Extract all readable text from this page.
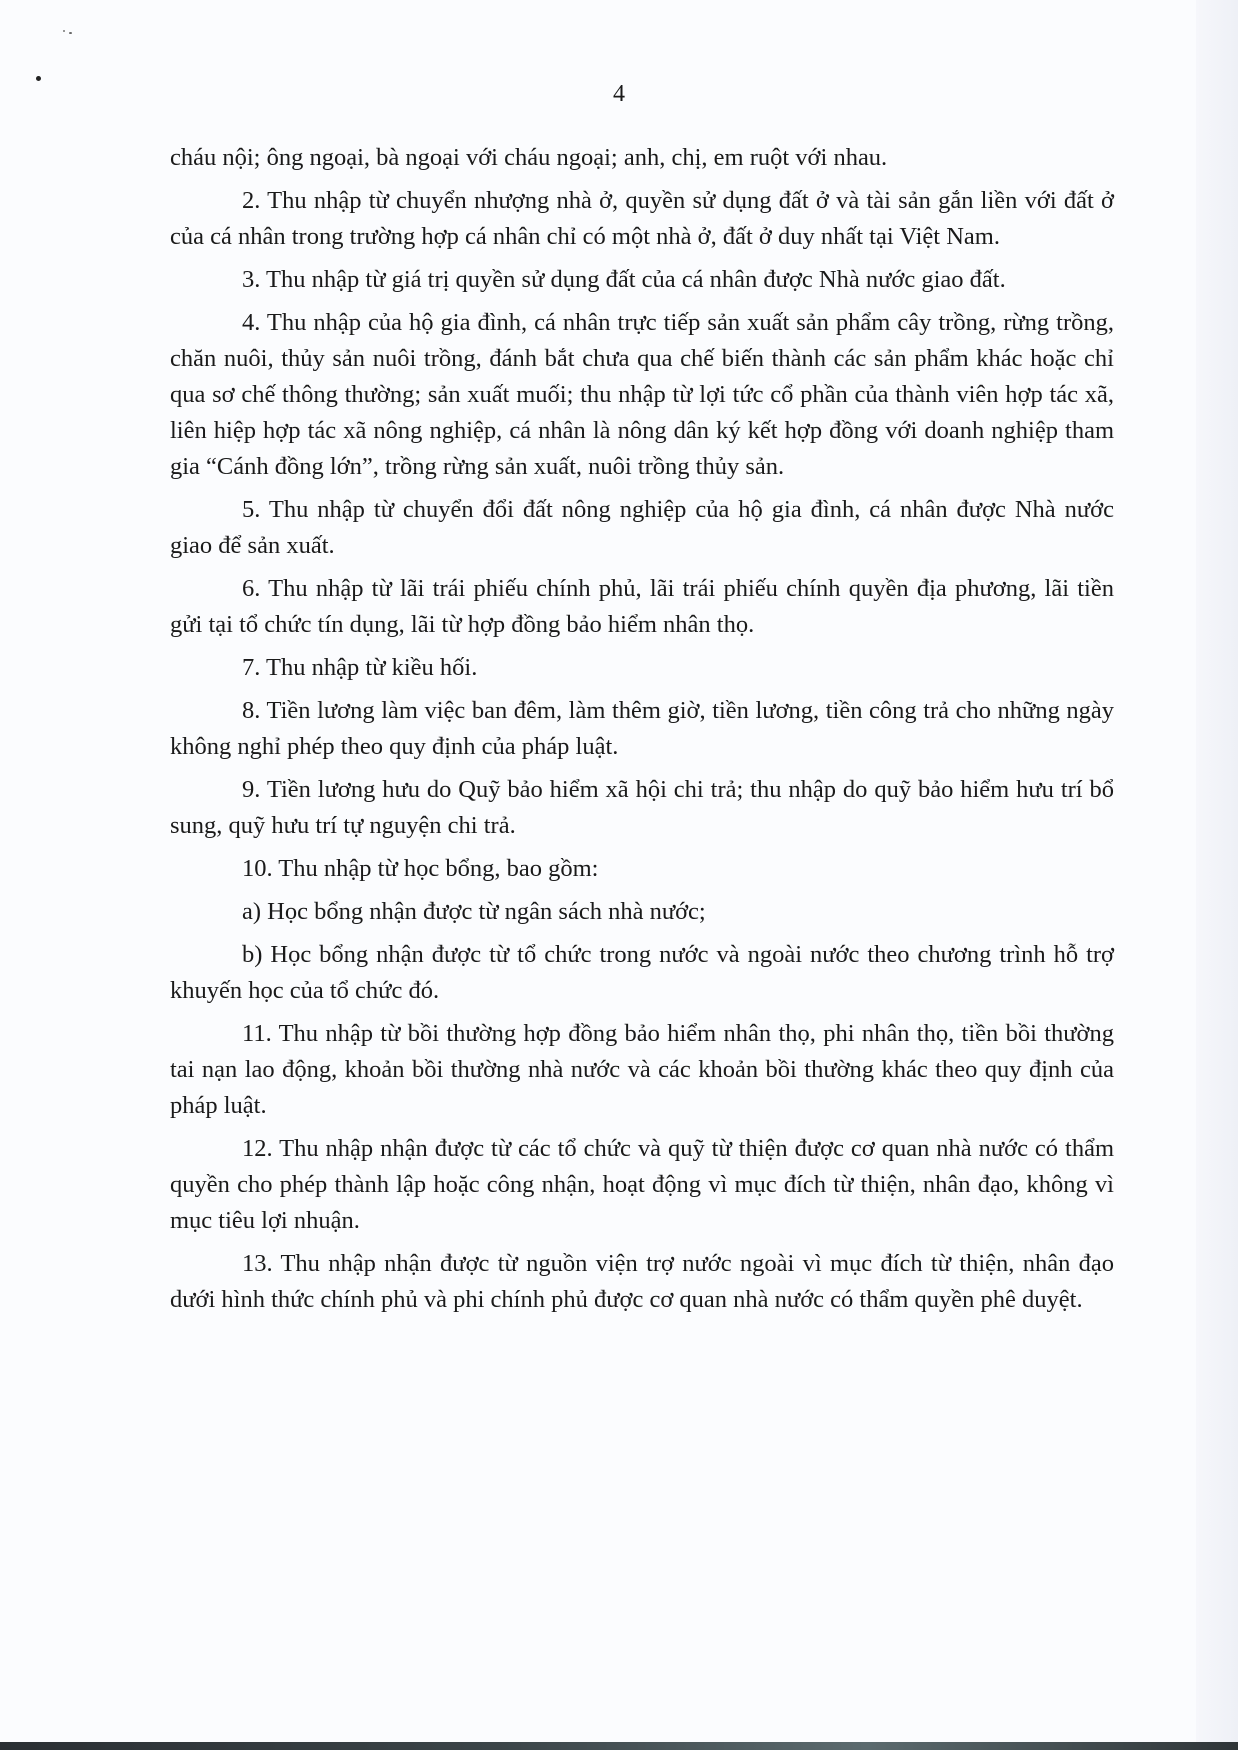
4

cháu nội; ông ngoại, bà ngoại với cháu ngoại; anh, chị, em ruột với nhau.

2. Thu nhập từ chuyển nhượng nhà ở, quyền sử dụng đất ở và tài sản gắn liền với đất ở của cá nhân trong trường hợp cá nhân chỉ có một nhà ở, đất ở duy nhất tại Việt Nam.

3. Thu nhập từ giá trị quyền sử dụng đất của cá nhân được Nhà nước giao đất.

4. Thu nhập của hộ gia đình, cá nhân trực tiếp sản xuất sản phẩm cây trồng, rừng trồng, chăn nuôi, thủy sản nuôi trồng, đánh bắt chưa qua chế biến thành các sản phẩm khác hoặc chỉ qua sơ chế thông thường; sản xuất muối; thu nhập từ lợi tức cổ phần của thành viên hợp tác xã, liên hiệp hợp tác xã nông nghiệp, cá nhân là nông dân ký kết hợp đồng với doanh nghiệp tham gia “Cánh đồng lớn”, trồng rừng sản xuất, nuôi trồng thủy sản.

5. Thu nhập từ chuyển đổi đất nông nghiệp của hộ gia đình, cá nhân được Nhà nước giao để sản xuất.

6. Thu nhập từ lãi trái phiếu chính phủ, lãi trái phiếu chính quyền địa phương, lãi tiền gửi tại tổ chức tín dụng, lãi từ hợp đồng bảo hiểm nhân thọ.

7. Thu nhập từ kiều hối.

8. Tiền lương làm việc ban đêm, làm thêm giờ, tiền lương, tiền công trả cho những ngày không nghỉ phép theo quy định của pháp luật.

9. Tiền lương hưu do Quỹ bảo hiểm xã hội chi trả; thu nhập do quỹ bảo hiểm hưu trí bổ sung, quỹ hưu trí tự nguyện chi trả.

10. Thu nhập từ học bổng, bao gồm:

a) Học bổng nhận được từ ngân sách nhà nước;

b) Học bổng nhận được từ tổ chức trong nước và ngoài nước theo chương trình hỗ trợ khuyến học của tổ chức đó.

11. Thu nhập từ bồi thường hợp đồng bảo hiểm nhân thọ, phi nhân thọ, tiền bồi thường tai nạn lao động, khoản bồi thường nhà nước và các khoản bồi thường khác theo quy định của pháp luật.

12. Thu nhập nhận được từ các tổ chức và quỹ từ thiện được cơ quan nhà nước có thẩm quyền cho phép thành lập hoặc công nhận, hoạt động vì mục đích từ thiện, nhân đạo, không vì mục tiêu lợi nhuận.

13. Thu nhập nhận được từ nguồn viện trợ nước ngoài vì mục đích từ thiện, nhân đạo dưới hình thức chính phủ và phi chính phủ được cơ quan nhà nước có thẩm quyền phê duyệt.
